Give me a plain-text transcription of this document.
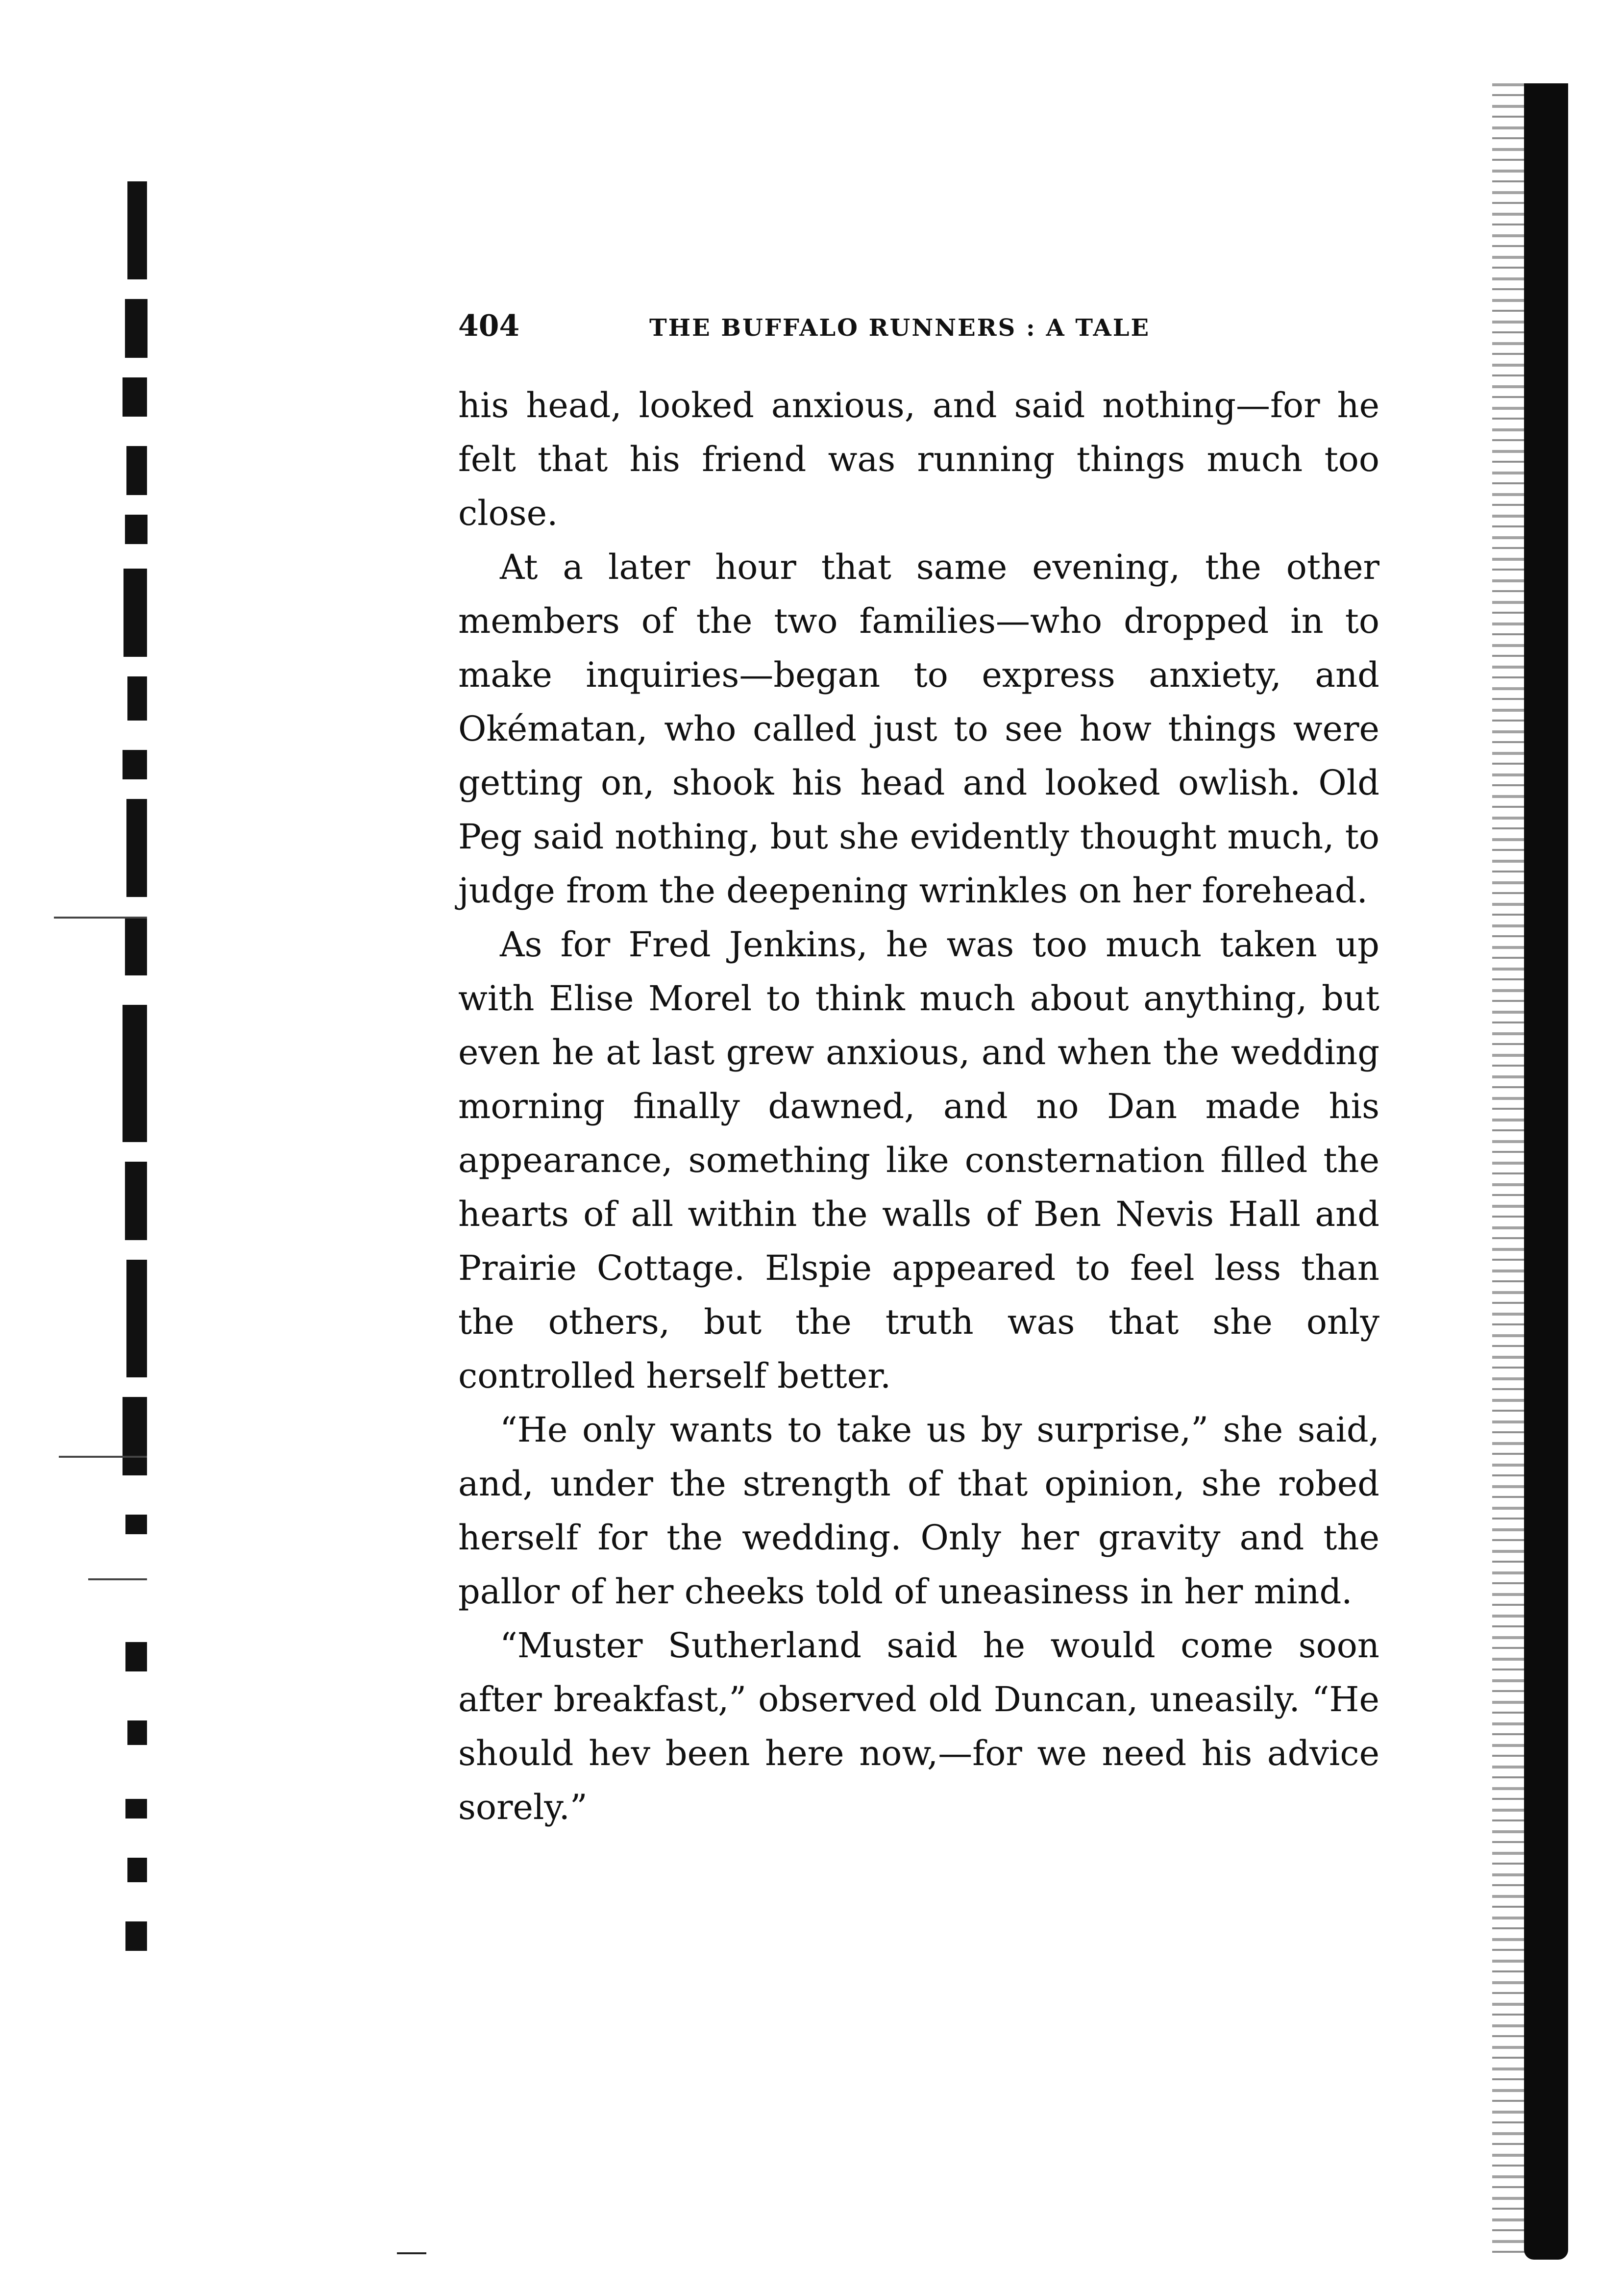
404	THE BUFFALO RUNNERS : A TALE

his head, looked anxious, and said nothing—for he felt that his friend was running things much too close.

At a later hour that same evening, the other members of the two families—who dropped in to make inquiries—began to express anxiety, and Okématan, who called just to see how things were getting on, shook his head and looked owlish. Old Peg said nothing, but she evidently thought much, to judge from the deepening wrinkles on her forehead.

As for Fred Jenkins, he was too much taken up with Elise Morel to think much about anything, but even he at last grew anxious, and when the wedding morning finally dawned, and no Dan made his appearance, something like consternation filled the hearts of all within the walls of Ben Nevis Hall and Prairie Cottage. Elspie appeared to feel less than the others, but the truth was that she only controlled herself better.

“He only wants to take us by surprise,” she said, and, under the strength of that opinion, she robed herself for the wedding. Only her gravity and the pallor of her cheeks told of uneasiness in her mind.

“Muster Sutherland said he would come soon after breakfast,” observed old Duncan, uneasily. “He should hev been here now,—for we need his advice sorely.”
